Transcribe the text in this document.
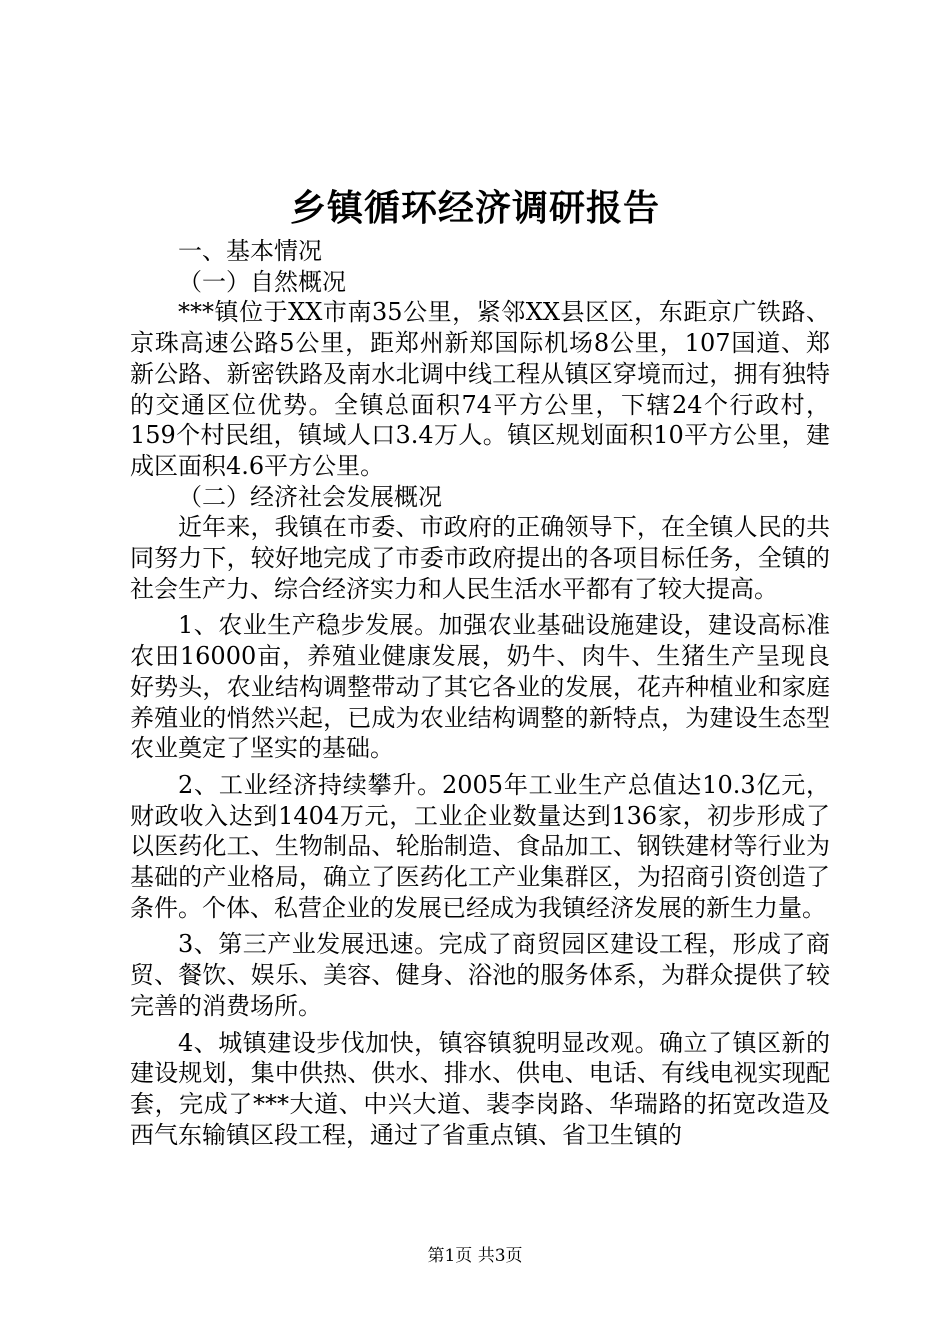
乡镇循环经济调研报告

一、基本情况

（一）自然概况

***镇位于XX市南35公里，紧邻XX县区区，东距京广铁路、京珠高速公路5公里，距郑州新郑国际机场8公里，107国道、郑新公路、新密铁路及南水北调中线工程从镇区穿境而过，拥有独特的交通区位优势。全镇总面积74平方公里，下辖24个行政村，159个村民组，镇域人口3.4万人。镇区规划面积10平方公里，建成区面积4.6平方公里。

（二）经济社会发展概况

近年来，我镇在市委、市政府的正确领导下，在全镇人民的共同努力下，较好地完成了市委市政府提出的各项目标任务，全镇的社会生产力、综合经济实力和人民生活水平都有了较大提高。

1、农业生产稳步发展。加强农业基础设施建设，建设高标准农田16000亩，养殖业健康发展，奶牛、肉牛、生猪生产呈现良好势头，农业结构调整带动了其它各业的发展，花卉种植业和家庭养殖业的悄然兴起，已成为农业结构调整的新特点，为建设生态型农业奠定了坚实的基础。

2、工业经济持续攀升。2005年工业生产总值达10.3亿元，财政收入达到1404万元，工业企业数量达到136家，初步形成了以医药化工、生物制品、轮胎制造、食品加工、钢铁建材等行业为基础的产业格局，确立了医药化工产业集群区，为招商引资创造了条件。个体、私营企业的发展已经成为我镇经济发展的新生力量。

3、第三产业发展迅速。完成了商贸园区建设工程，形成了商贸、餐饮、娱乐、美容、健身、浴池的服务体系，为群众提供了较完善的消费场所。

4、城镇建设步伐加快，镇容镇貌明显改观。确立了镇区新的建设规划，集中供热、供水、排水、供电、电话、有线电视实现配套，完成了***大道、中兴大道、裴李岗路、华瑞路的拓宽改造及西气东输镇区段工程，通过了省重点镇、省卫生镇的

第1页 共3页
